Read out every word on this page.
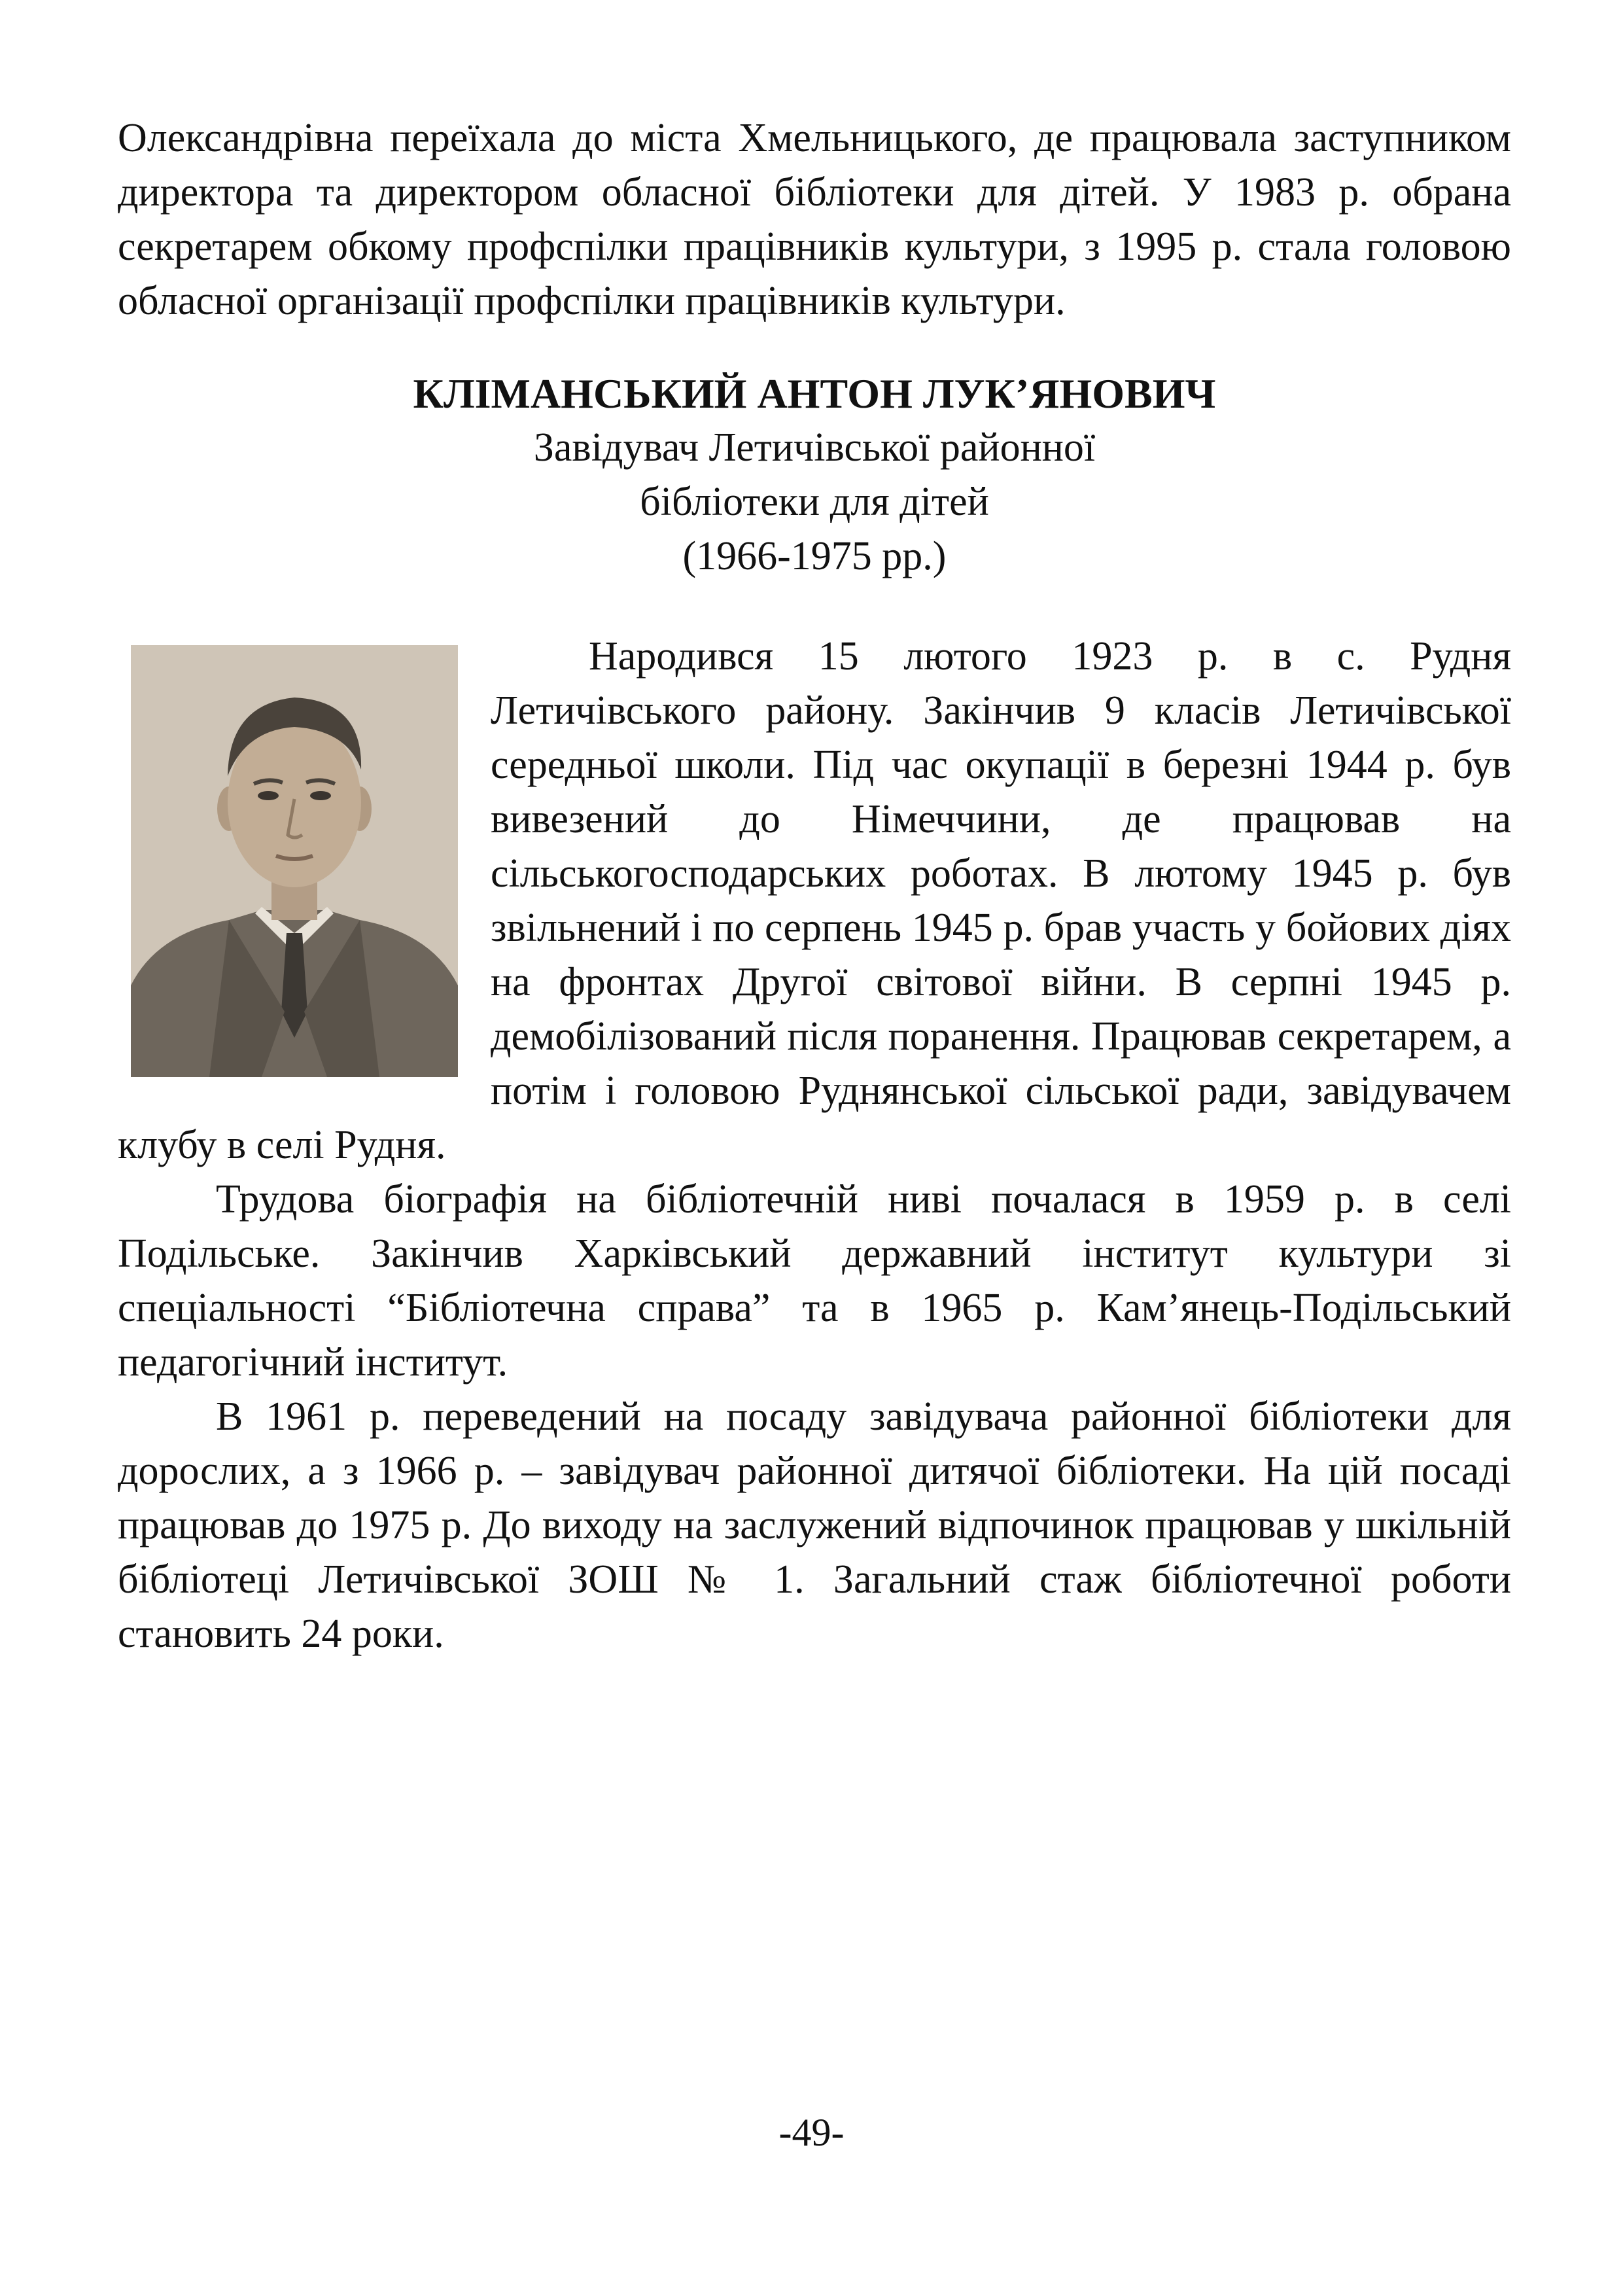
Олександрівна переїхала до міста Хмельницького, де працювала заступником директора та директором обласної бібліотеки для дітей. У 1983 р. обрана секретарем обкому профспілки працівників культури, з 1995 р. стала головою обласної організації профспілки працівників культури.

КЛІМАНСЬКИЙ АНТОН ЛУК’ЯНОВИЧ

Завідувач Летичівської районної

бібліотеки для дітей

(1966-1975 рр.)

Народився 15 лютого 1923 р. в с. Рудня Летичівського району. Закінчив 9 класів Летичівської середньої школи. Під час окупації в березні 1944 р. був вивезений до Німеччини, де працював на сільськогосподарських роботах. В лютому 1945 р. був звільнений і по серпень 1945 р. брав участь у бойових діях на фронтах Другої світової війни. В серпні 1945 р. демобілізований після поранення. Працював секретарем, а потім і головою Руднянської сільської ради, завідувачем клубу в селі Рудня.

Трудова біографія на бібліотечній ниві почалася в 1959 р. в селі Подільське. Закінчив Харківський державний інститут культури зі спеціальності “Бібліотечна справа” та в 1965 р. Кам’янець-Подільський педагогічний інститут.

В 1961 р. переведений на посаду завідувача районної бібліотеки для дорослих, а з 1966 р. – завідувач районної дитячої бібліотеки. На цій посаді працював до 1975 р. До виходу на заслужений відпочинок працював у шкільній бібліотеці Летичівської ЗОШ № 1. Загальний стаж бібліотечної роботи становить 24 роки.

-49-
